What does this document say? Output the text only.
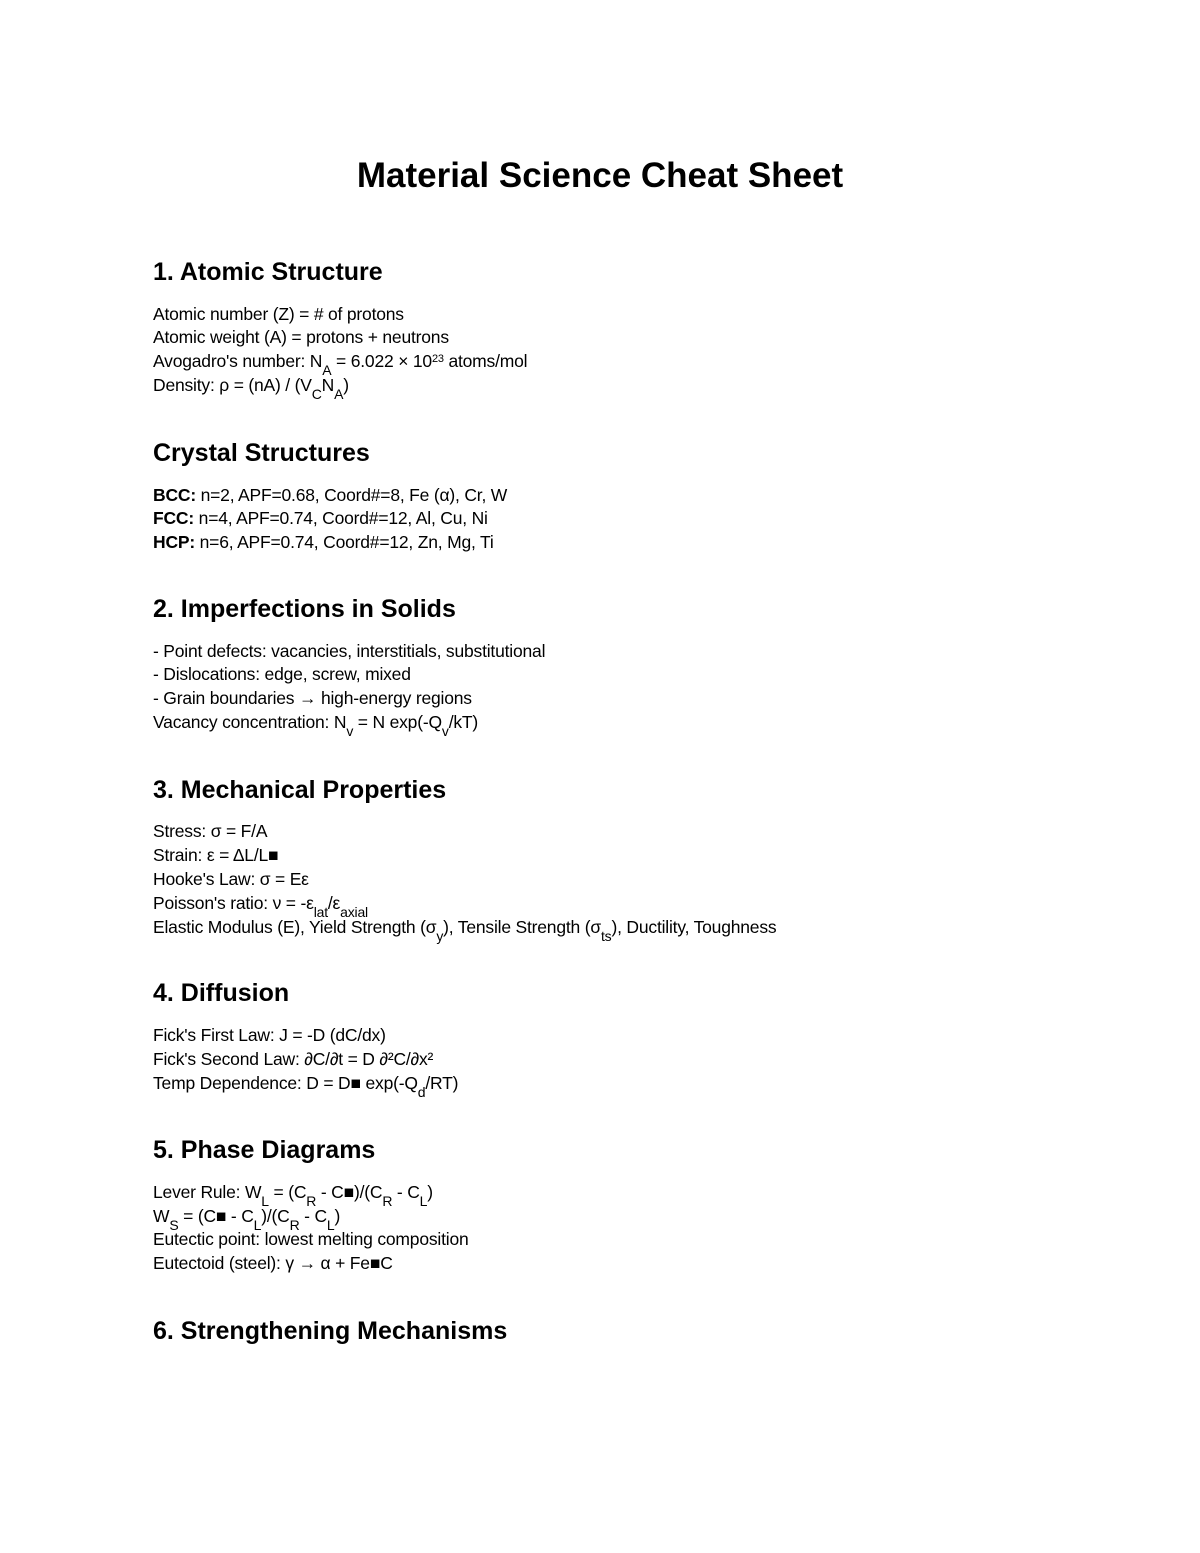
Material Science Cheat Sheet
1. Atomic Structure
Atomic number (Z) = # of protons
Atomic weight (A) = protons + neutrons
Avogadro's number: $N_A = 6.022 \times 10^{23}$ atoms/mol
Density: $\rho = (nA) / (V_CN_A)$
Crystal Structures
BCC: n=2, APF=0.68, Coord#=8, Fe (α), Cr, W
FCC: n=4, APF=0.74, Coord#=12, Al, Cu, Ni
HCP: n=6, APF=0.74, Coord#=12, Zn, Mg, Ti
2. Imperfections in Solids
- Point defects: vacancies, interstitials, substitutional
- Dislocations: edge, screw, mixed
- Grain boundaries → high-energy regions
Vacancy concentration: $N_v = N$ $\exp(-Q_v/kT)$
3. Mechanical Properties
Stress: σ = F/A
Strain: ε = ΔL/L■
Hooke's Law: σ = Eε
Poisson's ratio: $\nu = -\varepsilon_{lat}/\varepsilon_{axial}$
Elastic Modulus (E), Yield Strength $(\sigma_y)$, Tensile Strength $(\sigma_{ts})$, Ductility, Toughness
4. Diffusion
Fick's First Law: J = -D (dC/dx)
Fick's Second Law: ∂C/∂t = D ∂²C/∂x²
Temp Dependence: D = D■ $\exp(-Q_d/RT)$
5. Phase Diagrams
Lever Rule: $W_L = (C_R$ - $C■)/(C_R - C_L)$
$W_S$ = (C■ - $C_L)/(C_R - C_L)$
Eutectic point: lowest melting composition
Eutectoid (steel): γ → α + Fe■C
6. Strengthening Mechanisms
